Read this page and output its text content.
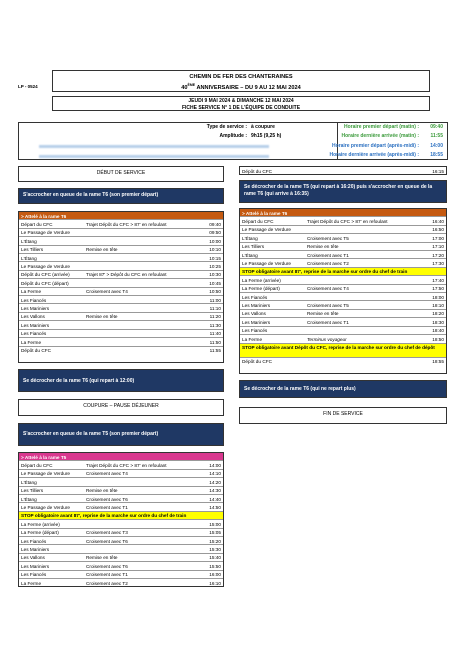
CHEMIN DE FER DES CHANTERAINES
40ÈME ANNIVERSAIRE – DU 9 AU 12 MAI 2024
LP - 0524
JEUDI 9 MAI 2024 & DIMANCHE 12 MAI 2024
FICHE SERVICE N° 1 DE L'ÉQUIPE DE CONDUITE
Type de service : à coupure	Horaire premier départ (matin) : 09:40
Amplitude : 9h15 (9,25 h)	Horaire dernière arrivée (matin) : 11:55
Horaire premier départ (après-midi) : 14:00
Horaire dernière arrivée (après-midi) : 18:55
DÉBUT DE SERVICE
S'accrocher en queue de la rame T6 (son premier départ)
> Attelé à la rame T6
Départ du CFC	Trajet Dépôt du CFC > 87' en refoulant	09:40
Le Passage de Verdure	09:50
L'Étang	10:00
Les Tilliers	Remise en tête	10:10
L'Étang	10:15
Le Passage de Verdure	10:25
Dépôt du CFC (arrivée)	Trajet 87' > Dépôt du CFC en refoulant	10:30
Dépôt du CFC (départ)	10:45
La Ferme	Croisement avec T4	10:50
Les Fiancés	11:00
Les Mariniers	11:10
Les Vallons	Remise en tête	11:20
Les Mariniers	11:30
Les Fiancés	11:40
La Ferme	11:50
Dépôt du CFC	11:55
Se décrocher de la rame T6 (qui repart à 12:00)
COUPURE – PAUSE DÉJEUNER
S'accrocher en queue de la rame T5 (son premier départ)
> Attelé à la rame T5
Départ du CFC	Trajet Dépôt du CFC > 87' en refoulant	14:00
Le Passage de Verdure	Croisement avec T4	14:10
L'Étang	14:20
Les Tilliers	Remise en tête	14:30
L'Étang	Croisement avec T6	14:40
Le Passage de Verdure	Croisement avec T1	14:50
STOP obligatoire avant 87', reprise de la marche sur ordre du chef de train
La Ferme (arrivée)	15:00
La Ferme (départ)	Croisement avec T3	15:05
Les Fiancés	Croisement avec T6	15:20
Les Mariniers	15:30
Les Vallons	Remise en tête	15:40
Les Mariniers	Croisement avec T6	15:50
Les Fiancés	Croisement avec T1	16:00
La Ferme	Croisement avec T2	16:10
Dépôt du CFC	16:15
Se décrocher de la rame T5 (qui repart à 16:20) puis s'accrocher en queue de la rame T6 (qui arrive à 16:35)
> Attelé à la rame T6
Départ du CFC	Trajet Dépôt du CFC > 87' en refoulant	16:40
Le Passage de Verdure	16:50
L'Étang	Croisement avec T5	17:00
Les Tilliers	Remise en tête	17:10
L'Étang	Croisement avec T1	17:20
Le Passage de Verdure	Croisement avec T2	17:30
STOP obligatoire avant 87', reprise de la marche sur ordre du chef de train
La Ferme (arrivée)	17:40
La Ferme (départ)	Croisement avec T4	17:50
Les Fiancés	18:00
Les Mariniers	Croisement avec T5	18:10
Les Vallons	Remise en tête	18:20
Les Mariniers	Croisement avec T1	18:30
Les Fiancés	18:40
La Ferme	Terminus voyageur	18:50
STOP obligatoire avant Dépôt du CFC, reprise de la marche sur ordre du chef de dépôt
Dépôt du CFC	18:55
Se décrocher de la rame T6 (qui ne repart plus)
FIN DE SERVICE
